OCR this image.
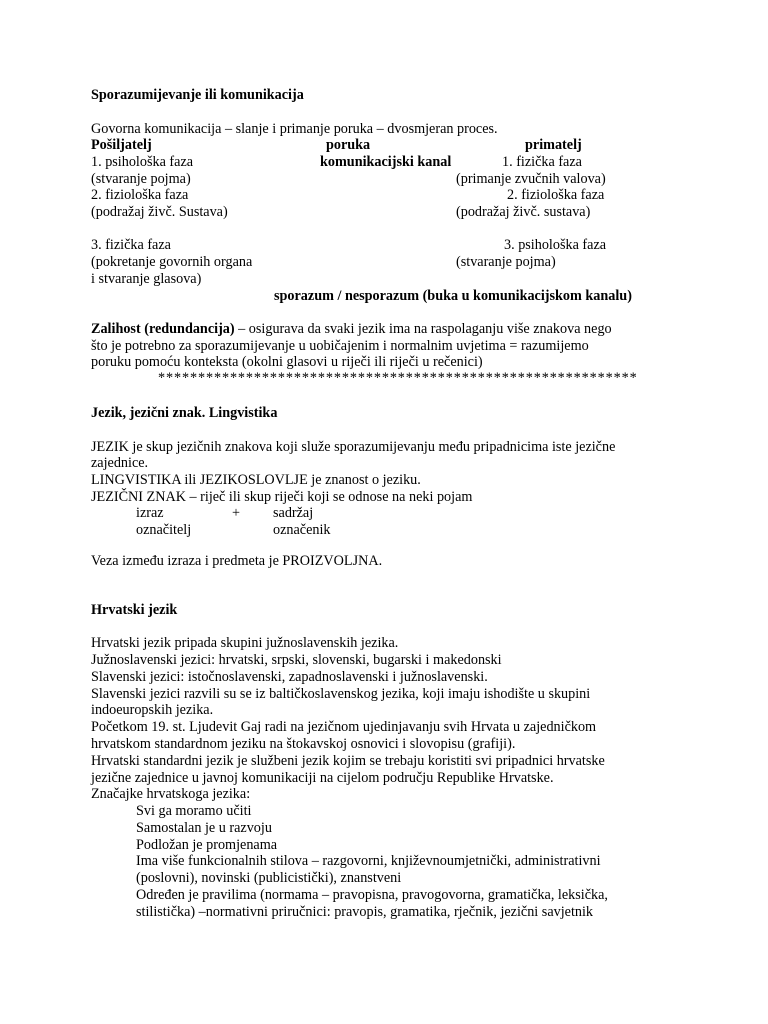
Sporazumijevanje ili komunikacija
Govorna komunikacija – slanje i primanje poruka – dvosmjeran proces.
Pošiljatelj	poruka	primatelj
1. psihološka faza	komunikacijski kanal	1. fizička faza
(stvaranje pojma)	(primanje zvučnih valova)
2. fiziološka faza	2. fiziološka faza
(podražaj živč. Sustava)	(podražaj živč. sustava)
3. fizička faza	3. psihološka faza
(pokretanje govornih organa	(stvaranje pojma)
i stvaranje glasova)
sporazum / nesporazum (buka u komunikacijskom kanalu)
Zalihost (redundancija) – osigurava da svaki jezik ima na raspolaganju više znakova nego
što je potrebno za sporazumijevanje u uobičajenim i normalnim uvjetima = razumijemo
poruku pomoću konteksta (okolni glasovi u riječi ili riječi u rečenici)
************************************************************
Jezik, jezični znak. Lingvistika
JEZIK je skup jezičnih znakova koji služe sporazumijevanju među pripadnicima iste jezične
zajednice.
LINGVISTIKA ili JEZIKOSLOVLJE je znanost o jeziku.
JEZIČNI ZNAK – riječ ili skup riječi koji se odnose na neki pojam
izraz	+ sadržaj
označitelj	označenik
Veza između izraza i predmeta je PROIZVOLJNA.
Hrvatski jezik
Hrvatski jezik pripada skupini južnoslavenskih jezika.
Južnoslavenski jezici: hrvatski, srpski, slovenski, bugarski i makedonski
Slavenski jezici: istočnoslavenski, zapadnoslavenski i južnoslavenski.
Slavenski jezici razvili su se iz baltičkoslavenskog jezika, koji imaju ishodište u skupini
indoeuropskih jezika.
Početkom 19. st. Ljudevit Gaj radi na jezičnom ujedinjavanju svih Hrvata u zajedničkom
hrvatskom standardnom jeziku na štokavskoj osnovici i slovopisu (grafiji).
Hrvatski standardni jezik je službeni jezik kojim se trebaju koristiti svi pripadnici hrvatske
jezične zajednice u javnoj komunikaciji na cijelom području Republike Hrvatske.
Značajke hrvatskoga jezika:
Svi ga moramo učiti
Samostalan je u razvoju
Podložan je promjenama
Ima više funkcionalnih stilova – razgovorni, književnoumjetnički, administrativni
(poslovni), novinski (publicistički), znanstveni
Određen je pravilima (normama – pravopisna, pravogovorna, gramatička, leksička,
stilistička) –normativni priručnici: pravopis, gramatika, rječnik, jezični savjetnik
